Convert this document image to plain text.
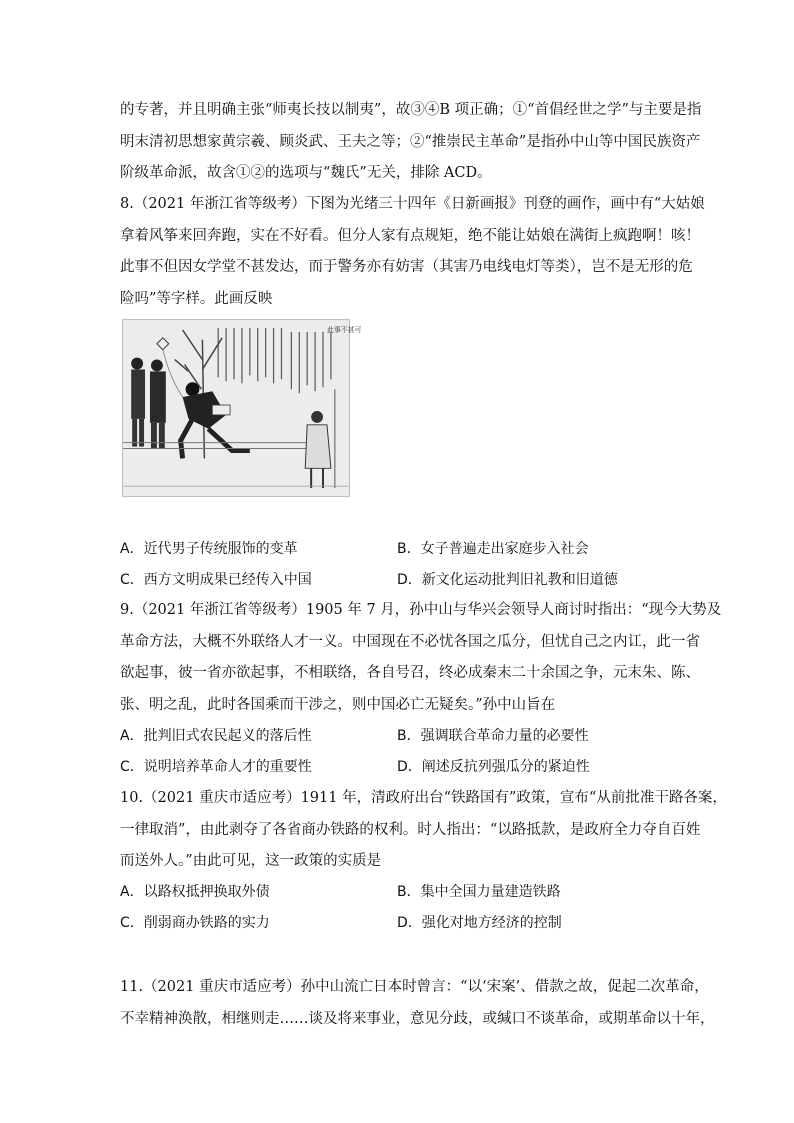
的专著，并且明确主张“师夷长技以制夷”，故③④B 项正确；①“首倡经世之学”与主要是指
明末清初思想家黄宗羲、顾炎武、王夫之等；②“推崇民主革命”是指孙中山等中国民族资产
阶级革命派，故含①②的选项与“魏氏”无关，排除 ACD。
8.（2021 年浙江省等级考）下图为光绪三十四年《日新画报》刊登的画作，画中有“大姑娘
拿着风筝来回奔跑，实在不好看。但分人家有点规矩，绝不能让姑娘在满街上疯跑啊！咳！
此事不但因女学堂不甚发达，而于警务亦有妨害（其害乃电线电灯等类），岂不是无形的危
险吗”等字样。此画反映
此事不甚可
A．近代男子传统服饰的变革	B．女子普遍走出家庭步入社会
C．西方文明成果已经传入中国	D．新文化运动批判旧礼教和旧道德
9.（2021 年浙江省等级考）1905 年 7 月，孙中山与华兴会领导人商讨时指出：“现今大势及
革命方法，大概不外联络人才一义。中国现在不必忧各国之瓜分，但忧自己之内讧，此一省
欲起事，彼一省亦欲起事，不相联络，各自号召，终必成秦末二十余国之争，元末朱、陈、
张、明之乱，此时各国乘而干涉之，则中国必亡无疑矣。”孙中山旨在
A．批判旧式农民起义的落后性	B．强调联合革命力量的必要性
C．说明培养革命人才的重要性	D．阐述反抗列强瓜分的紧迫性
10.（2021 重庆市适应考）1911 年，清政府出台“铁路国有”政策，宣布“从前批准干路各案，
一律取消”，由此剥夺了各省商办铁路的权利。时人指出：“以路抵款，是政府全力夺自百姓
而送外人。”由此可见，这一政策的实质是
A．以路权抵押换取外债	B．集中全国力量建造铁路
C．削弱商办铁路的实力	D．强化对地方经济的控制
11.（2021 重庆市适应考）孙中山流亡日本时曾言：“以‘宋案’、借款之故，促起二次革命，
不幸精神涣散，相继则走……谈及将来事业，意见分歧，或缄口不谈革命，或期革命以十年，
